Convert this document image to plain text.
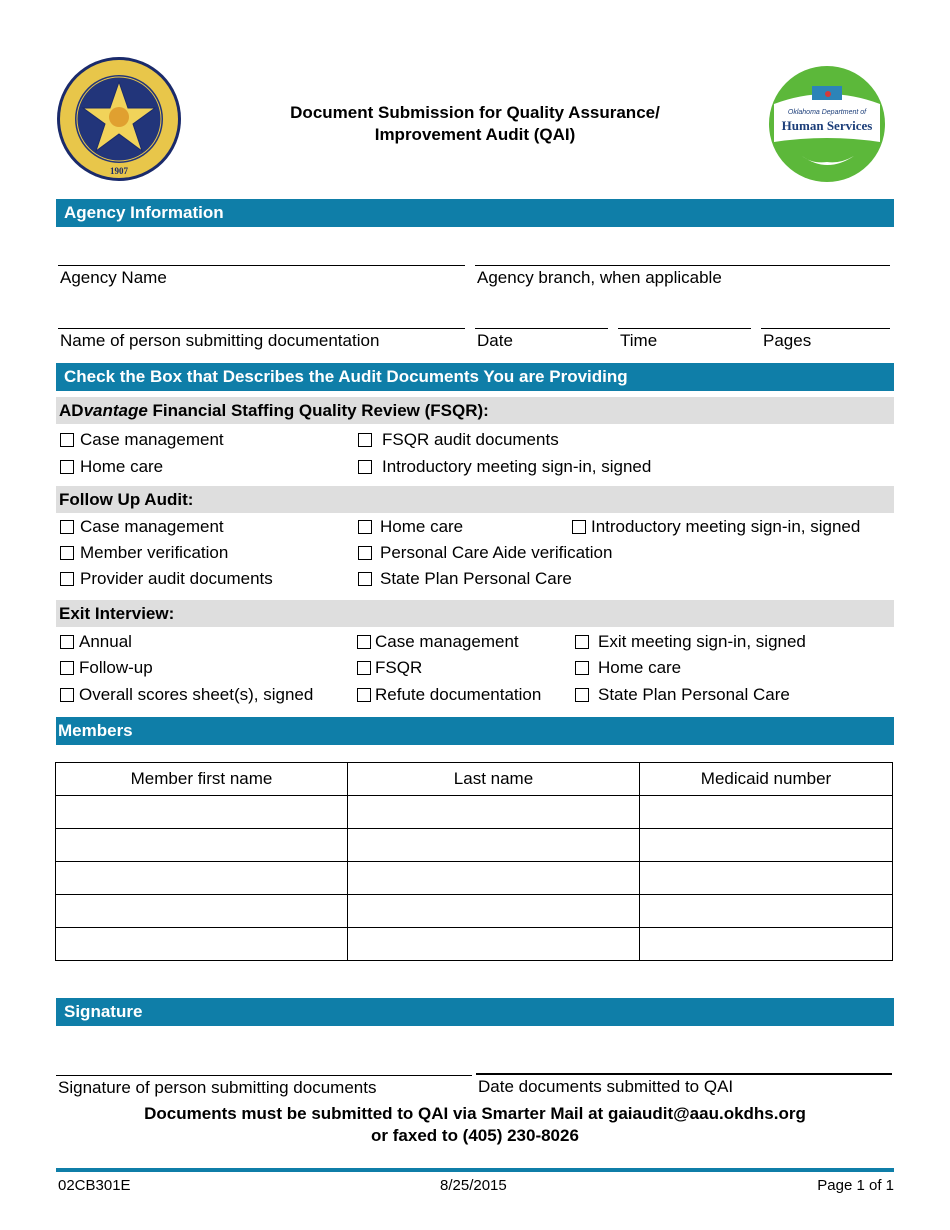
1907
Document Submission for Quality Assurance/
Improvement Audit (QAI)
Oklahoma Department of
Human Services
Agency Information
Agency Name	Agency branch, when applicable
Name of person submitting documentation	Date	Time	Pages
Check the Box that Describes the Audit Documents You are Providing
ADvantage Financial Staffing Quality Review (FSQR):
Case management	FSQR audit documents
Home care	Introductory meeting sign-in, signed
Follow Up Audit:
Case management	Home care	Introductory meeting sign-in, signed
Member verification	Personal Care Aide verification
Provider audit documents	State Plan Personal Care
Exit Interview:
Annual	Case management	Exit meeting sign-in, signed
Follow-up	FSQR	Home care
Overall scores sheet(s), signed	Refute documentation	State Plan Personal Care
Members
Member first name	Last name	Medicaid number

Signature
Signature of person submitting documents	Date documents submitted to QAI
Documents must be submitted to QAI via Smarter Mail at gaiaudit@aau.okdhs.org
or faxed to (405) 230-8026
02CB301E	8/25/2015	Page 1 of 1
